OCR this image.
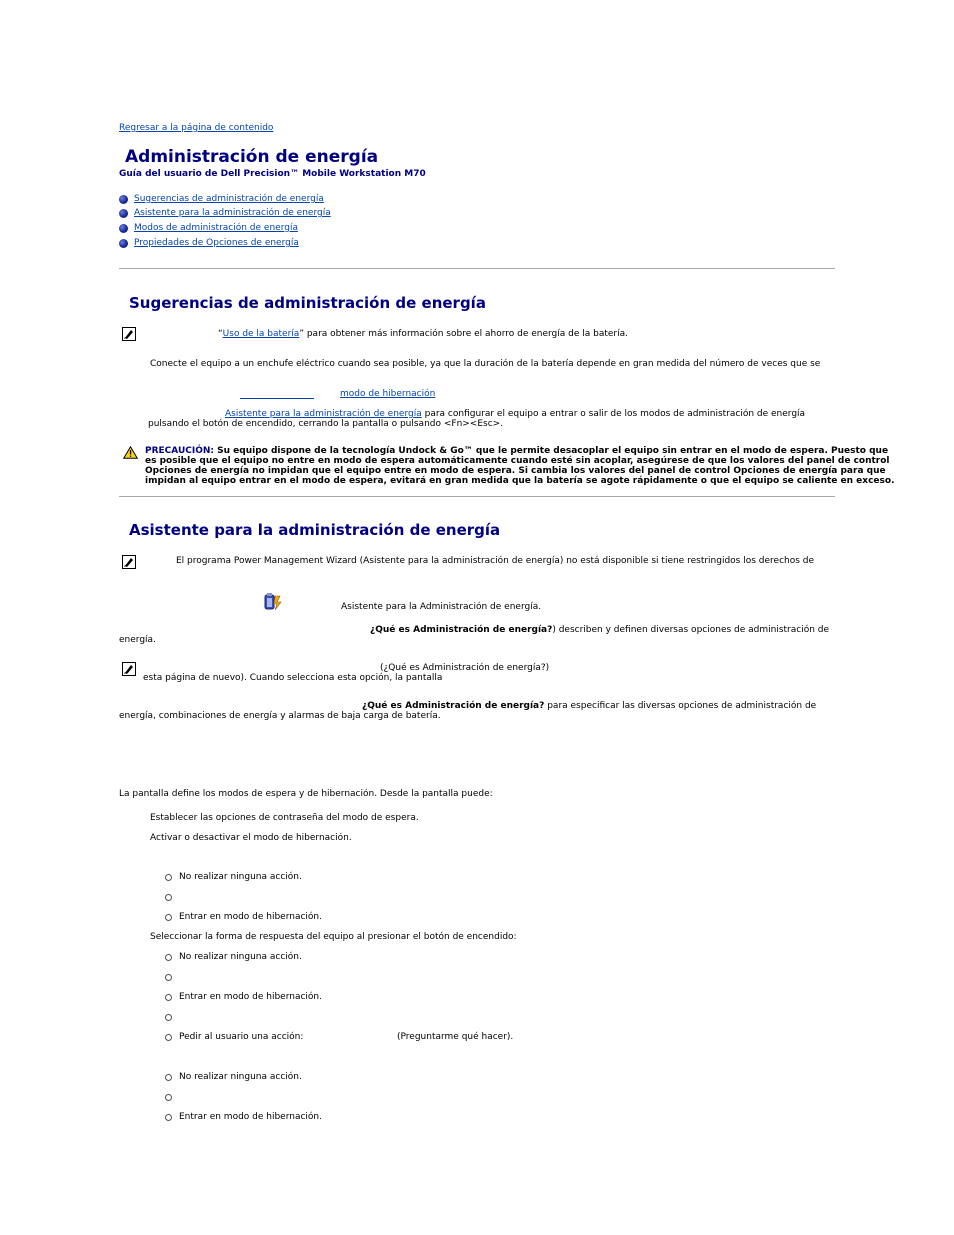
Regresar a la página de contenido
Administración de energía
Guía del usuario de Dell Precision™ Mobile Workstation M70
Sugerencias de administración de energía
Asistente para la administración de energía
Modos de administración de energía
Propiedades de Opciones de energía
Sugerencias de administración de energía
“Uso de la batería” para obtener más información sobre el ahorro de energía de la batería.
Conecte el equipo a un enchufe eléctrico cuando sea posible, ya que la duración de la batería depende en gran medida del número de veces que se
modo de hibernación
Asistente para la administración de energía para configurar el equipo a entrar o salir de los modos de administración de energía
pulsando el botón de encendido, cerrando la pantalla o pulsando <Fn><Esc>.
PRECAUCIÓN: Su equipo dispone de la tecnología Undock & Go™ que le permite desacoplar el equipo sin entrar en el modo de espera. Puesto que
es posible que el equipo no entre en modo de espera automáticamente cuando esté sin acoplar, asegúrese de que los valores del panel de control
Opciones de energía no impidan que el equipo entre en modo de espera. Si cambia los valores del panel de control Opciones de energía para que
impidan al equipo entrar en el modo de espera, evitará en gran medida que la batería se agote rápidamente o que el equipo se caliente en exceso.
Asistente para la administración de energía
El programa Power Management Wizard (Asistente para la administración de energía) no está disponible si tiene restringidos los derechos de
Asistente para la Administración de energía.
¿Qué es Administración de energía?) describen y definen diversas opciones de administración de
energía.
(¿Qué es Administración de energía?)
esta página de nuevo). Cuando selecciona esta opción, la pantalla
¿Qué es Administración de energía? para especificar las diversas opciones de administración de
energía, combinaciones de energía y alarmas de baja carga de batería.
La pantalla define los modos de espera y de hibernación. Desde la pantalla puede:
Establecer las opciones de contraseña del modo de espera.
Activar o desactivar el modo de hibernación.
No realizar ninguna acción.
Entrar en modo de hibernación.
Seleccionar la forma de respuesta del equipo al presionar el botón de encendido:
No realizar ninguna acción.
Entrar en modo de hibernación.
Pedir al usuario una acción:	(Preguntarme qué hacer).
No realizar ninguna acción.
Entrar en modo de hibernación.
